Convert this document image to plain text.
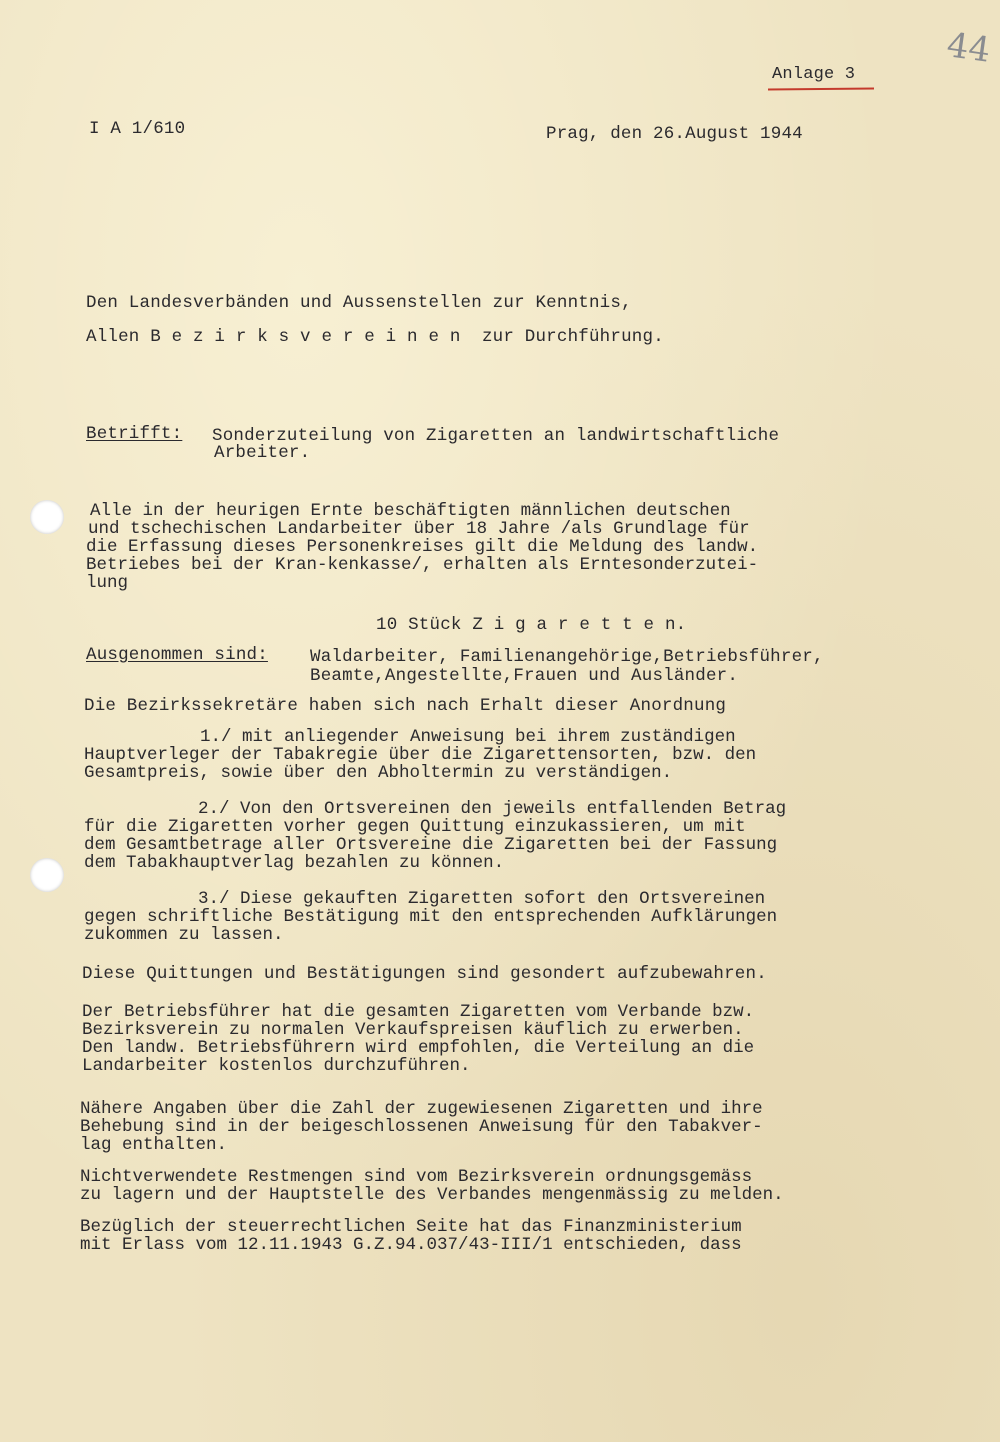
44
Anlage 3
I A 1/610	Prag, den 26.August 1944
Den Landesverbänden und Aussenstellen zur Kenntnis,
Allen B e z i r k s v e r e i n e n  zur Durchführung.
Betrifft: Sonderzuteilung von Zigaretten an landwirtschaftliche
Arbeiter.
Alle in der heurigen Ernte beschäftigten männlichen deutschen
und tschechischen Landarbeiter über 18 Jahre /als Grundlage für
die Erfassung dieses Personenkreises gilt die Meldung des landw.
Betriebes bei der Kran-kenkasse/, erhalten als Erntesonderzutei-
lung
10 Stück Z i g a r e t t e n.
Ausgenommen sind: Waldarbeiter, Familienangehörige,Betriebsführer,
Beamte,Angestellte,Frauen und Ausländer.
Die Bezirkssekretäre haben sich nach Erhalt dieser Anordnung
1./ mit anliegender Anweisung bei ihrem zuständigen
Hauptverleger der Tabakregie über die Zigarettensorten, bzw. den
Gesamtpreis, sowie über den Abholtermin zu verständigen.
2./ Von den Ortsvereinen den jeweils entfallenden Betrag
für die Zigaretten vorher gegen Quittung einzukassieren, um mit
dem Gesamtbetrage aller Ortsvereine die Zigaretten bei der Fassung
dem Tabakhauptverlag bezahlen zu können.
3./ Diese gekauften Zigaretten sofort den Ortsvereinen
gegen schriftliche Bestätigung mit den entsprechenden Aufklärungen
zukommen zu lassen.
Diese Quittungen und Bestätigungen sind gesondert aufzubewahren.
Der Betriebsführer hat die gesamten Zigaretten vom Verbande bzw.
Bezirksverein zu normalen Verkaufspreisen käuflich zu erwerben.
Den landw. Betriebsführern wird empfohlen, die Verteilung an die
Landarbeiter kostenlos durchzuführen.
Nähere Angaben über die Zahl der zugewiesenen Zigaretten und ihre
Behebung sind in der beigeschlossenen Anweisung für den Tabakver-
lag enthalten.
Nichtverwendete Restmengen sind vom Bezirksverein ordnungsgemäss
zu lagern und der Hauptstelle des Verbandes mengenmässig zu melden.
Bezüglich der steuerrechtlichen Seite hat das Finanzministerium
mit Erlass vom 12.11.1943 G.Z.94.037/43-III/1 entschieden, dass
